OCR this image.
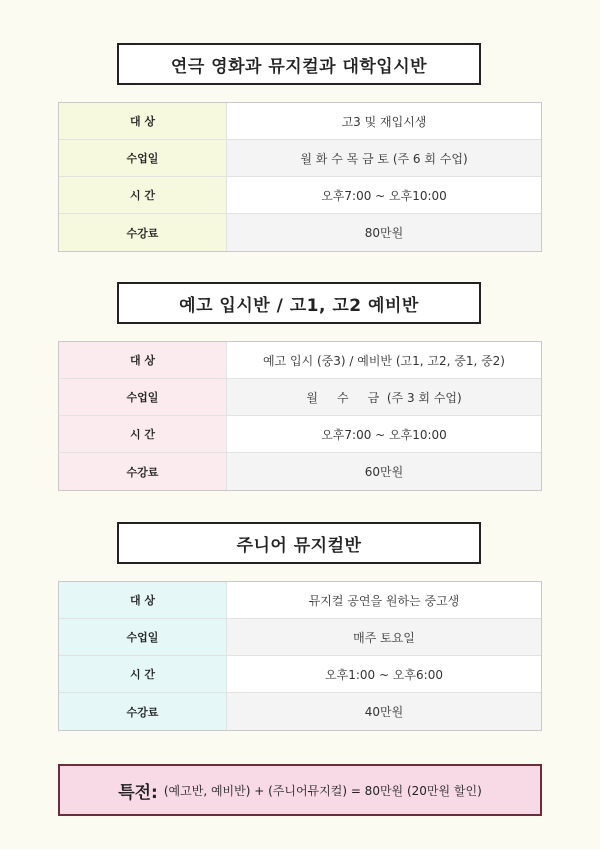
연극 영화과 뮤지컬과 대학입시반
대 상	고3 및 재입시생
수업일	월 화 수 목 금 토 (주 6 회 수업)
시 간	오후7:00 ~ 오후10:00
수강료	80만원
예고 입시반 / 고1, 고2 예비반
대 상	예고 입시 (중3) / 예비반 (고1, 고2, 중1, 중2)
수업일	월     수     금  (주 3 회 수업)
시 간	오후7:00 ~ 오후10:00
수강료	60만원
주니어 뮤지컬반
대 상	뮤지컬 공연을 원하는 중고생
수업일	매주 토요일
시 간	오후1:00 ~ 오후6:00
수강료	40만원
특전: (예고반, 예비반) + (주니어뮤지컬) = 80만원 (20만원 할인)
